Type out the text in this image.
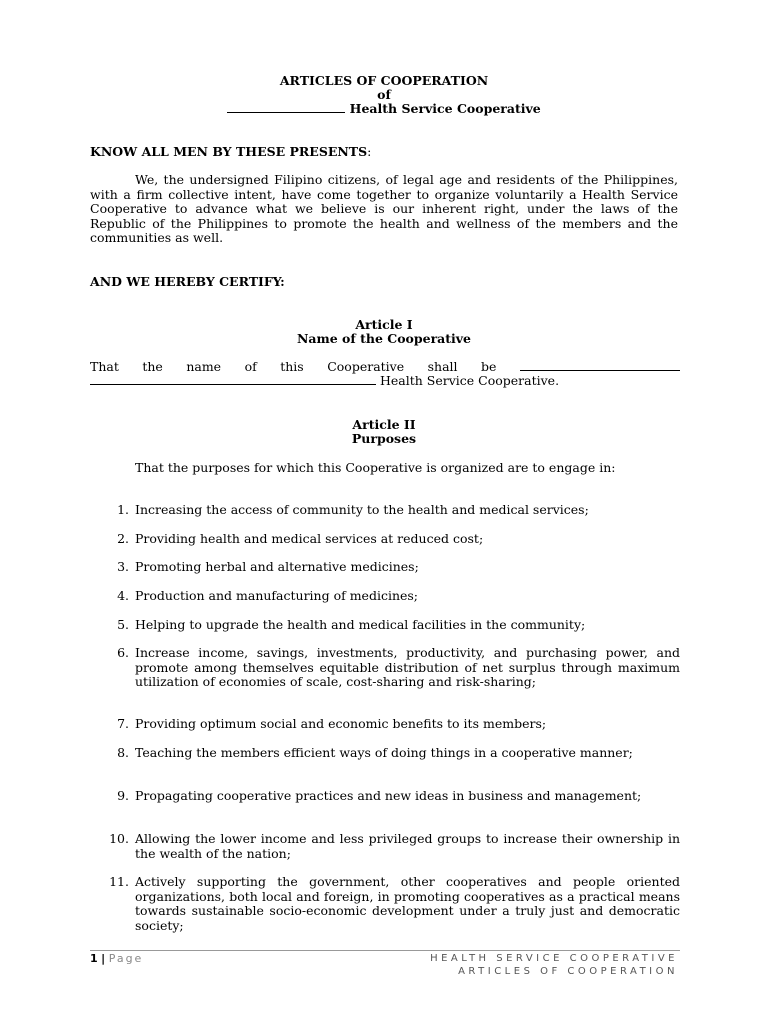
ARTICLES OF COOPERATION
of
Health Service Cooperative
KNOW ALL MEN BY THESE PRESENTS:
We, the undersigned Filipino citizens, of legal age and residents of the Philippines, with a firm collective intent, have come together to organize voluntarily a Health Service Cooperative to advance what we believe is our inherent right, under the laws of the Republic of the Philippines to promote the health and wellness of the members and the communities as well.
AND WE HEREBY CERTIFY:
Article I
Name of the Cooperative
That the name of this Cooperative shall be
Health Service Cooperative.
Article II
Purposes
That the purposes for which this Cooperative is organized are to engage in:
1. Increasing the access of community to the health and medical services;
2. Providing health and medical services at reduced cost;
3. Promoting herbal and alternative medicines;
4. Production and manufacturing of medicines;
5. Helping to upgrade the health and medical facilities in the community;
6. Increase income, savings, investments, productivity, and purchasing power, and promote among themselves equitable distribution of net surplus through maximum utilization of economies of scale, cost-sharing and risk-sharing;
7. Providing optimum social and economic benefits to its members;
8. Teaching the members efficient ways of doing things in a cooperative manner;
9. Propagating cooperative practices and new ideas in business and management;
10. Allowing the lower income and less privileged groups to increase their ownership in the wealth of the nation;
11. Actively supporting the government, other cooperatives and people oriented organizations, both local and foreign, in promoting cooperatives as a practical means towards sustainable socio-economic development under a truly just and democratic society;
1 | Page	HEALTH SERVICE COOPERATIVE
ARTICLES OF COOPERATION
